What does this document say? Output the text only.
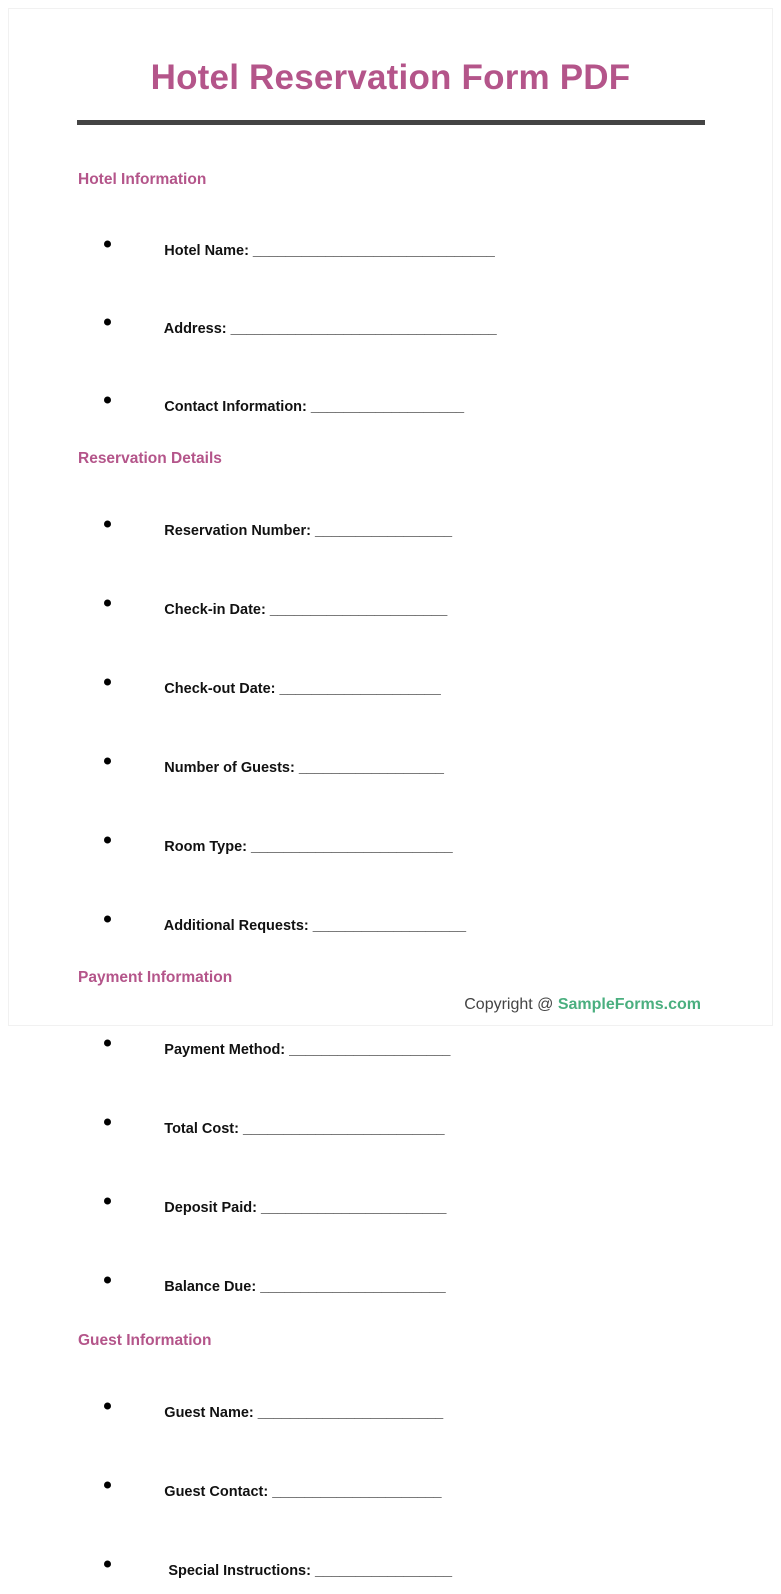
Hotel Reservation Form PDF
Hotel Information

Hotel Name: ______________________________

Address: _________________________________

Contact Information: ___________________

Reservation Details

Reservation Number: _________________

Check-in Date: ______________________

Check-out Date: ____________________

Number of Guests: __________________

Room Type: _________________________

Additional Requests: ___________________

Payment Information

Payment Method: ____________________

Total Cost: _________________________

Deposit Paid: _______________________

Balance Due: _______________________

Guest Information

Guest Name: _______________________

Guest Contact: _____________________

Special Instructions: _________________

Copyright @ SampleForms.com
